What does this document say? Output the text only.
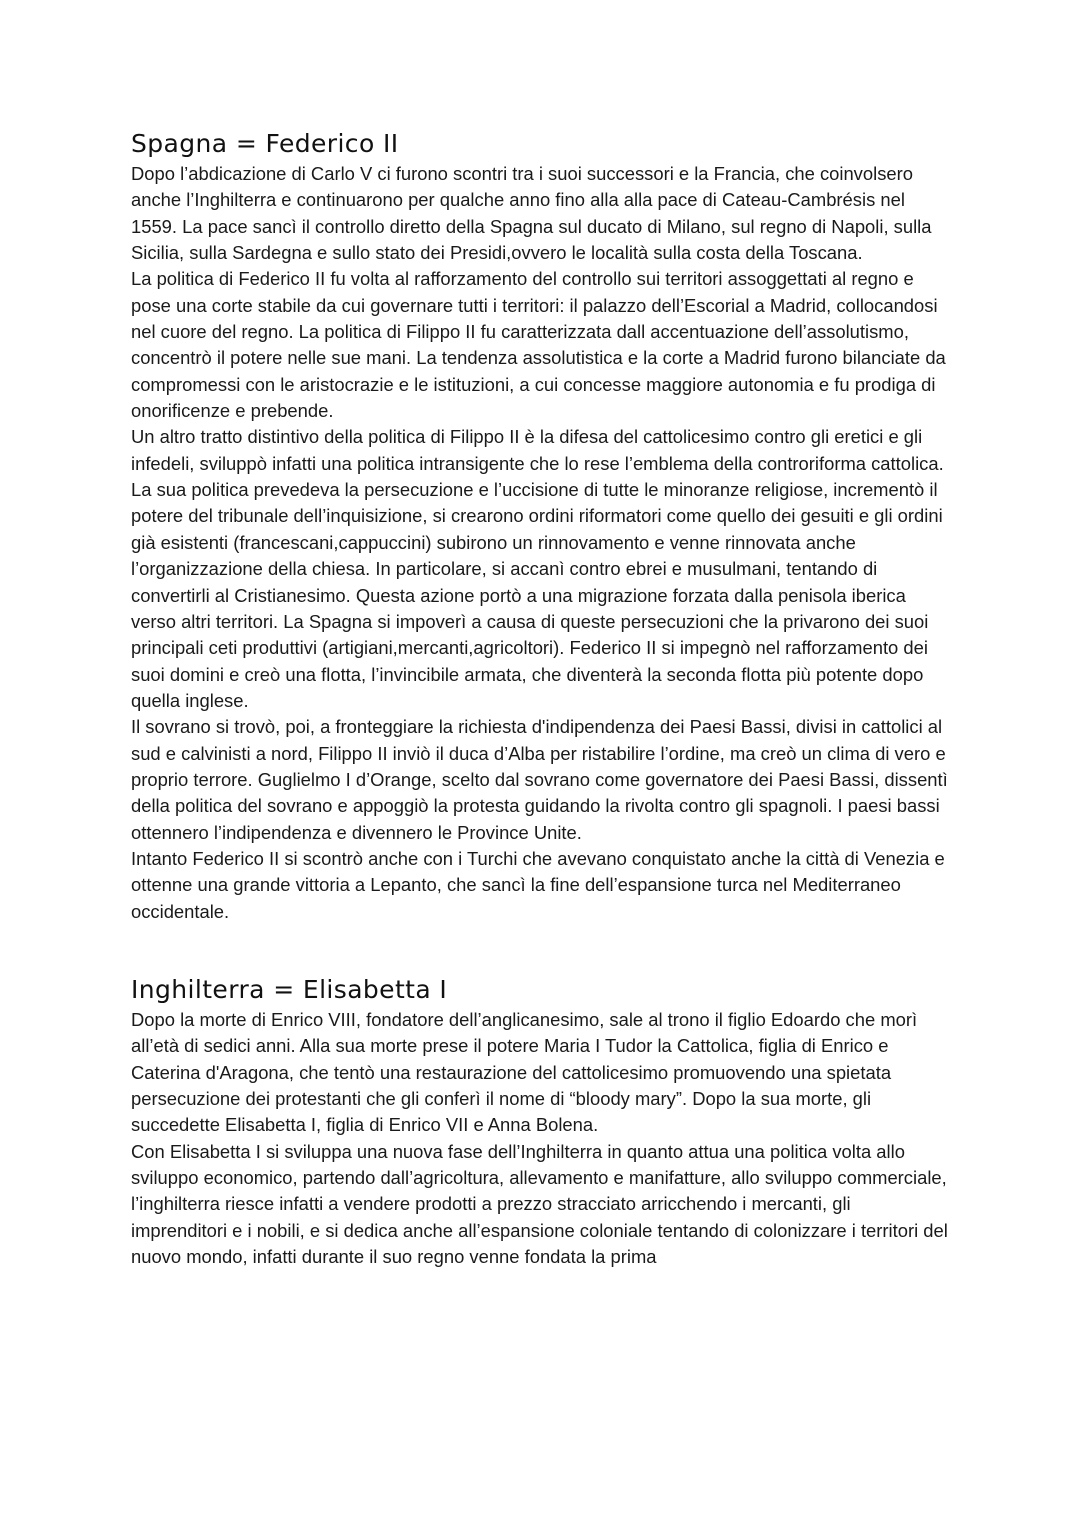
Spagna = Federico II

Dopo l’abdicazione di Carlo V ci furono scontri tra i suoi successori e la Francia, che coinvolsero anche l’Inghilterra e continuarono per qualche anno fino alla alla pace di Cateau-Cambrésis nel 1559. La pace sancì il controllo diretto della Spagna sul ducato di Milano, sul regno di Napoli, sulla Sicilia, sulla Sardegna e sullo stato dei Presidi,ovvero le località sulla costa della Toscana.

La politica di Federico II fu volta al rafforzamento del controllo sui territori assoggettati al regno e pose una corte stabile da cui governare tutti i territori: il palazzo dell’Escorial a Madrid, collocandosi nel cuore del regno. La politica di Filippo II fu caratterizzata dall accentuazione dell’assolutismo, concentrò il potere nelle sue mani. La tendenza assolutistica e la corte a Madrid furono bilanciate da compromessi con le aristocrazie e le istituzioni, a cui concesse maggiore autonomia e fu prodiga di onorificenze e prebende.

Un altro tratto distintivo della politica di Filippo II è la difesa del cattolicesimo contro gli eretici e gli infedeli, sviluppò infatti una politica intransigente che lo rese l’emblema della controriforma cattolica. La sua politica prevedeva la persecuzione e l’uccisione di tutte le minoranze religiose, incrementò il potere del tribunale dell’inquisizione, si crearono ordini riformatori come quello dei gesuiti e gli ordini già esistenti (francescani,cappuccini) subirono un rinnovamento e venne rinnovata anche l’organizzazione della chiesa. In particolare, si accanì contro ebrei e musulmani, tentando di convertirli al Cristianesimo. Questa azione portò a una migrazione forzata dalla penisola iberica verso altri territori. La Spagna si impoverì a causa di queste persecuzioni che la privarono dei suoi principali ceti produttivi (artigiani,mercanti,agricoltori). Federico II si impegnò nel rafforzamento dei suoi domini e creò una flotta, l’invincibile armata, che diventerà la seconda flotta più potente dopo quella inglese.

Il sovrano si trovò, poi, a fronteggiare la richiesta d'indipendenza dei Paesi Bassi, divisi in cattolici al sud e calvinisti a nord, Filippo II inviò il duca d’Alba per ristabilire l’ordine, ma creò un clima di vero e proprio terrore. Guglielmo I d’Orange, scelto dal sovrano come governatore dei Paesi Bassi, dissentì della politica del sovrano e appoggiò la protesta guidando la rivolta contro gli spagnoli. I paesi bassi ottennero l’indipendenza e divennero le Province Unite.

Intanto Federico II si scontrò anche con i Turchi che avevano conquistato anche la città di Venezia e ottenne una grande vittoria a Lepanto, che sancì la fine dell’espansione turca nel Mediterraneo occidentale.

Inghilterra = Elisabetta I

Dopo la morte di Enrico VIII, fondatore dell’anglicanesimo, sale al trono il figlio Edoardo che morì all’età di sedici anni. Alla sua morte prese il potere Maria I Tudor la Cattolica, figlia di Enrico e Caterina d'Aragona, che tentò una restaurazione del cattolicesimo promuovendo una spietata persecuzione dei protestanti che gli conferì il nome di “bloody mary”. Dopo la sua morte, gli succedette Elisabetta I, figlia di Enrico VII e Anna Bolena.

Con Elisabetta I si sviluppa una nuova fase dell’Inghilterra in quanto attua una politica volta allo sviluppo economico, partendo dall’agricoltura, allevamento e manifatture, allo sviluppo commerciale, l’inghilterra riesce infatti a vendere prodotti a prezzo stracciato arricchendo i mercanti, gli imprenditori e i nobili, e si dedica anche all’espansione coloniale tentando di colonizzare i territori del nuovo mondo, infatti durante il suo regno venne fondata la prima
